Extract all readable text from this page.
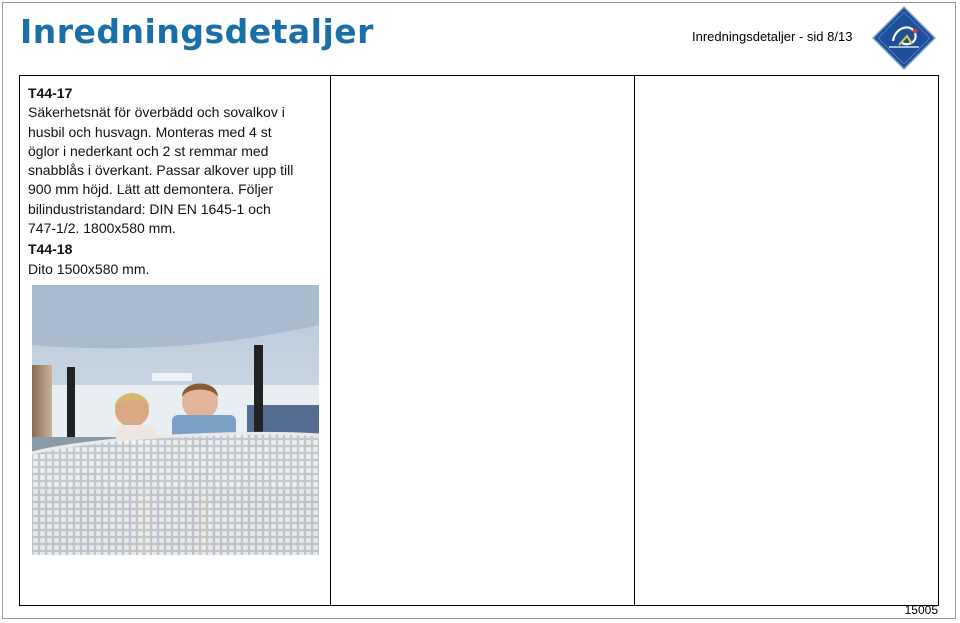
Inredningsdetaljer	Inredningsdetaljer - sid 8/13
T44-17

Säkerhetsnät för överbädd och sovalkov i

husbil och husvagn. Monteras med 4 st

öglor i nederkant och 2 st remmar med

snabblås i överkant. Passar alkover upp till

900 mm höjd. Lätt att demontera. Följer

bilindustristandard: DIN EN 1645-1 och

747-1/2. 1800x580 mm.

T44-18

Dito 1500x580 mm.

15005
